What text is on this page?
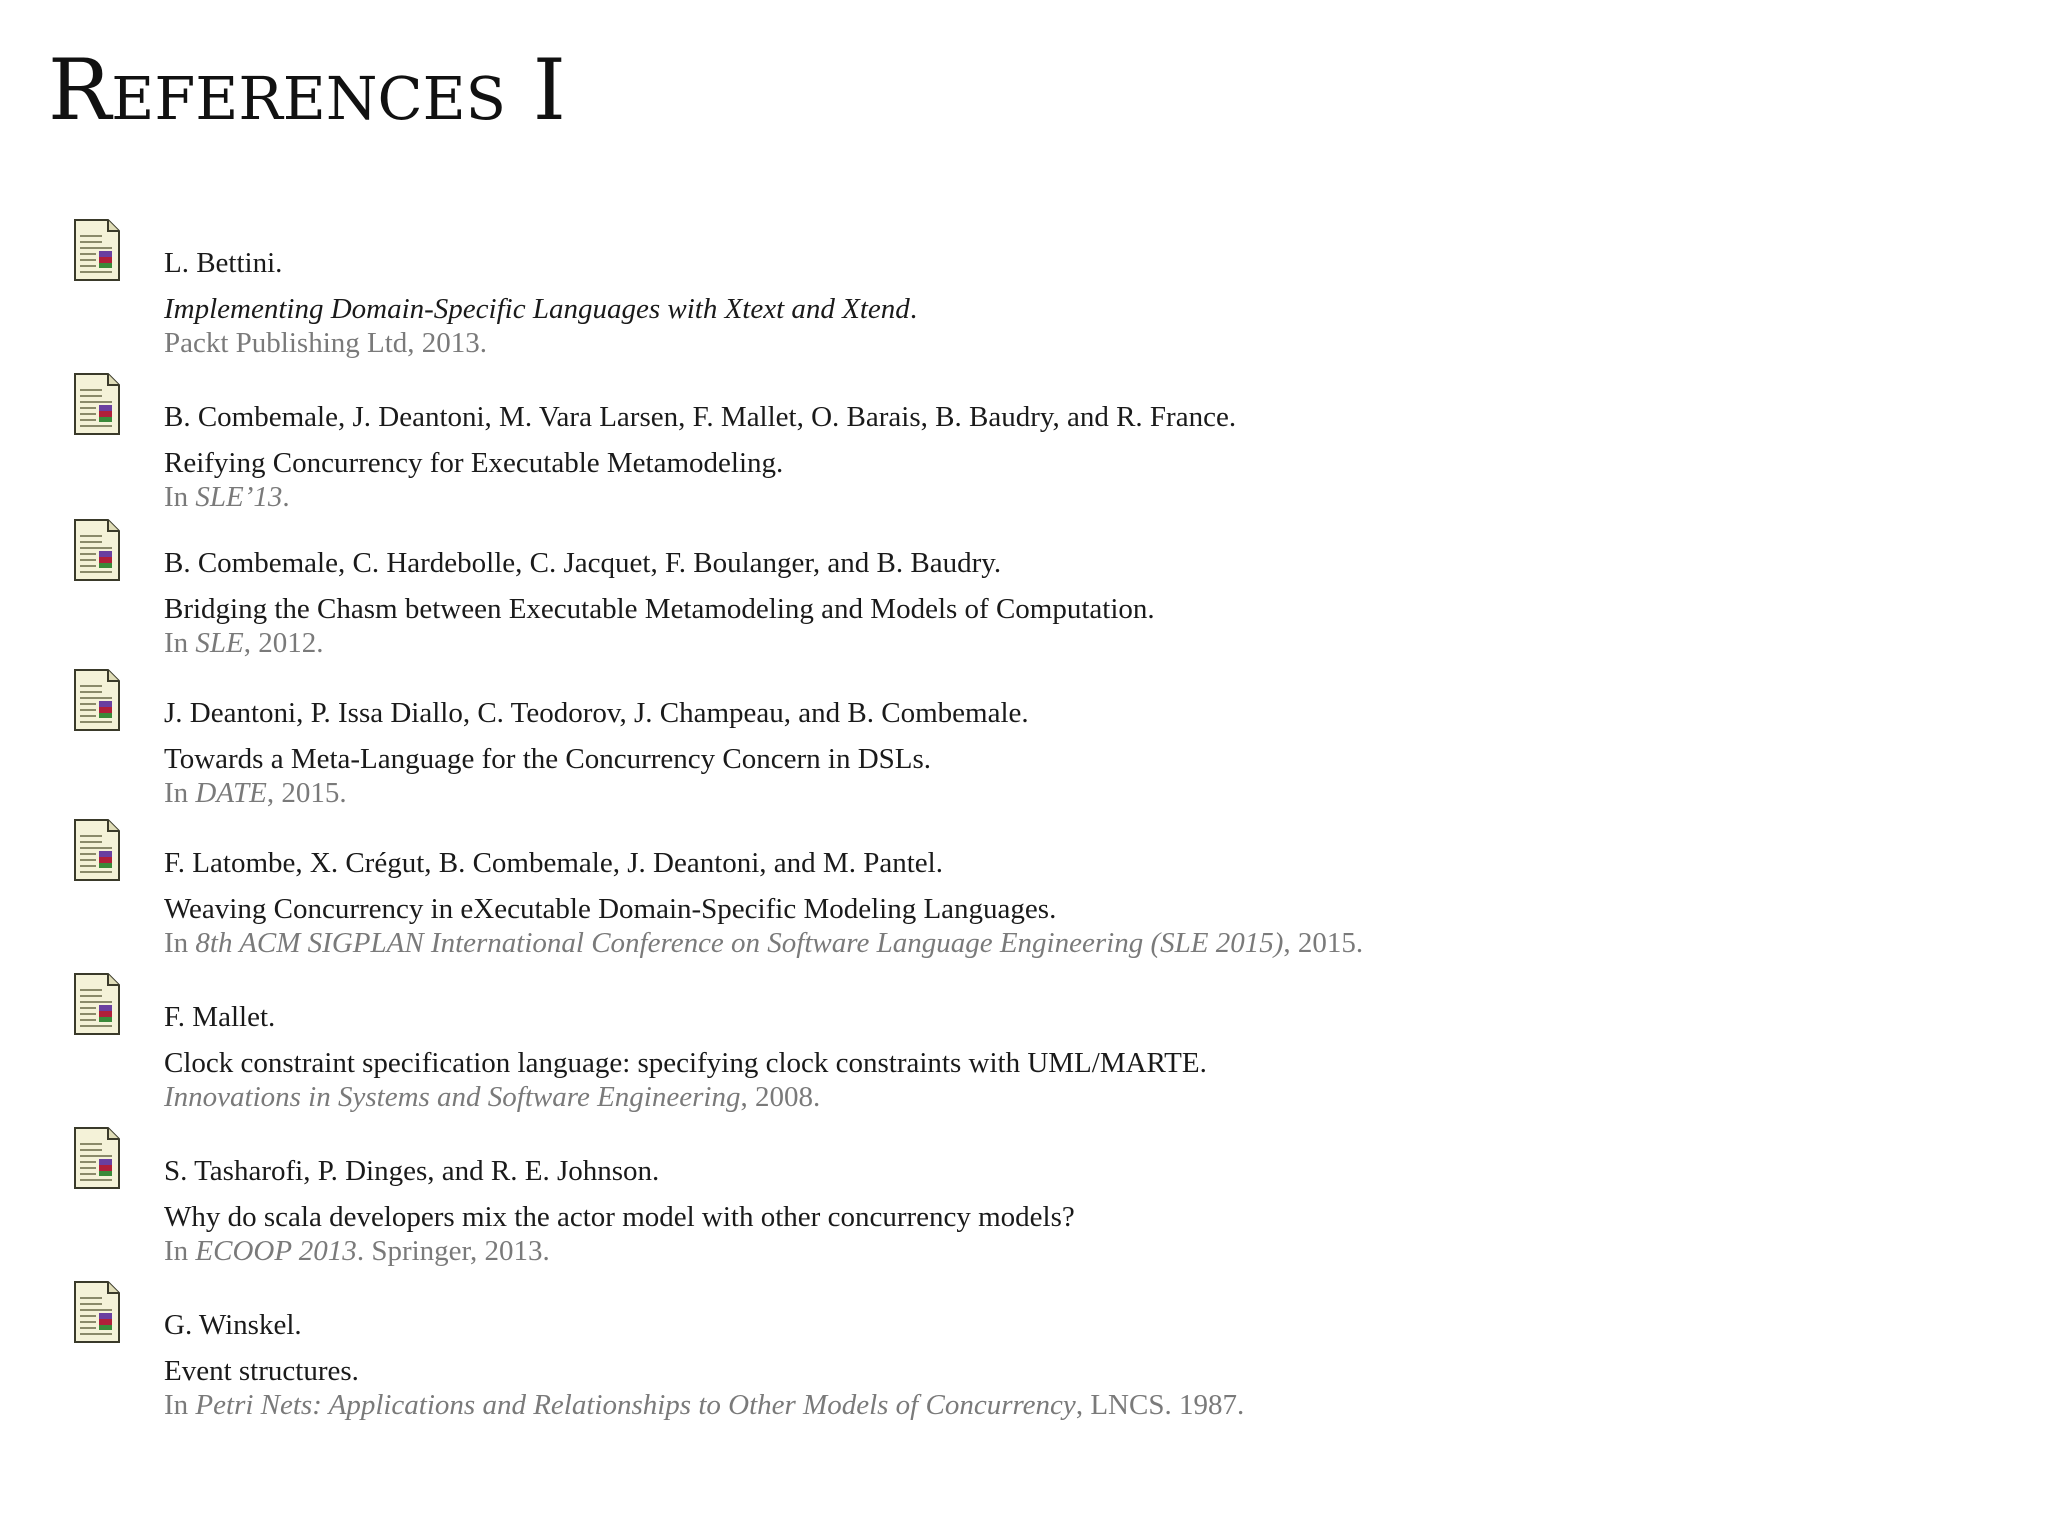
References I
L. Bettini.
Implementing Domain-Specific Languages with Xtext and Xtend.
Packt Publishing Ltd, 2013.
B. Combemale, J. Deantoni, M. Vara Larsen, F. Mallet, O. Barais, B. Baudry, and R. France.
Reifying Concurrency for Executable Metamodeling.
In SLE’13.
B. Combemale, C. Hardebolle, C. Jacquet, F. Boulanger, and B. Baudry.
Bridging the Chasm between Executable Metamodeling and Models of Computation.
In SLE, 2012.
J. Deantoni, P. Issa Diallo, C. Teodorov, J. Champeau, and B. Combemale.
Towards a Meta-Language for the Concurrency Concern in DSLs.
In DATE, 2015.
F. Latombe, X. Crégut, B. Combemale, J. Deantoni, and M. Pantel.
Weaving Concurrency in eXecutable Domain-Specific Modeling Languages.
In 8th ACM SIGPLAN International Conference on Software Language Engineering (SLE 2015), 2015.
F. Mallet.
Clock constraint specification language: specifying clock constraints with UML/MARTE.
Innovations in Systems and Software Engineering, 2008.
S. Tasharofi, P. Dinges, and R. E. Johnson.
Why do scala developers mix the actor model with other concurrency models?
In ECOOP 2013. Springer, 2013.
G. Winskel.
Event structures.
In Petri Nets: Applications and Relationships to Other Models of Concurrency, LNCS. 1987.
